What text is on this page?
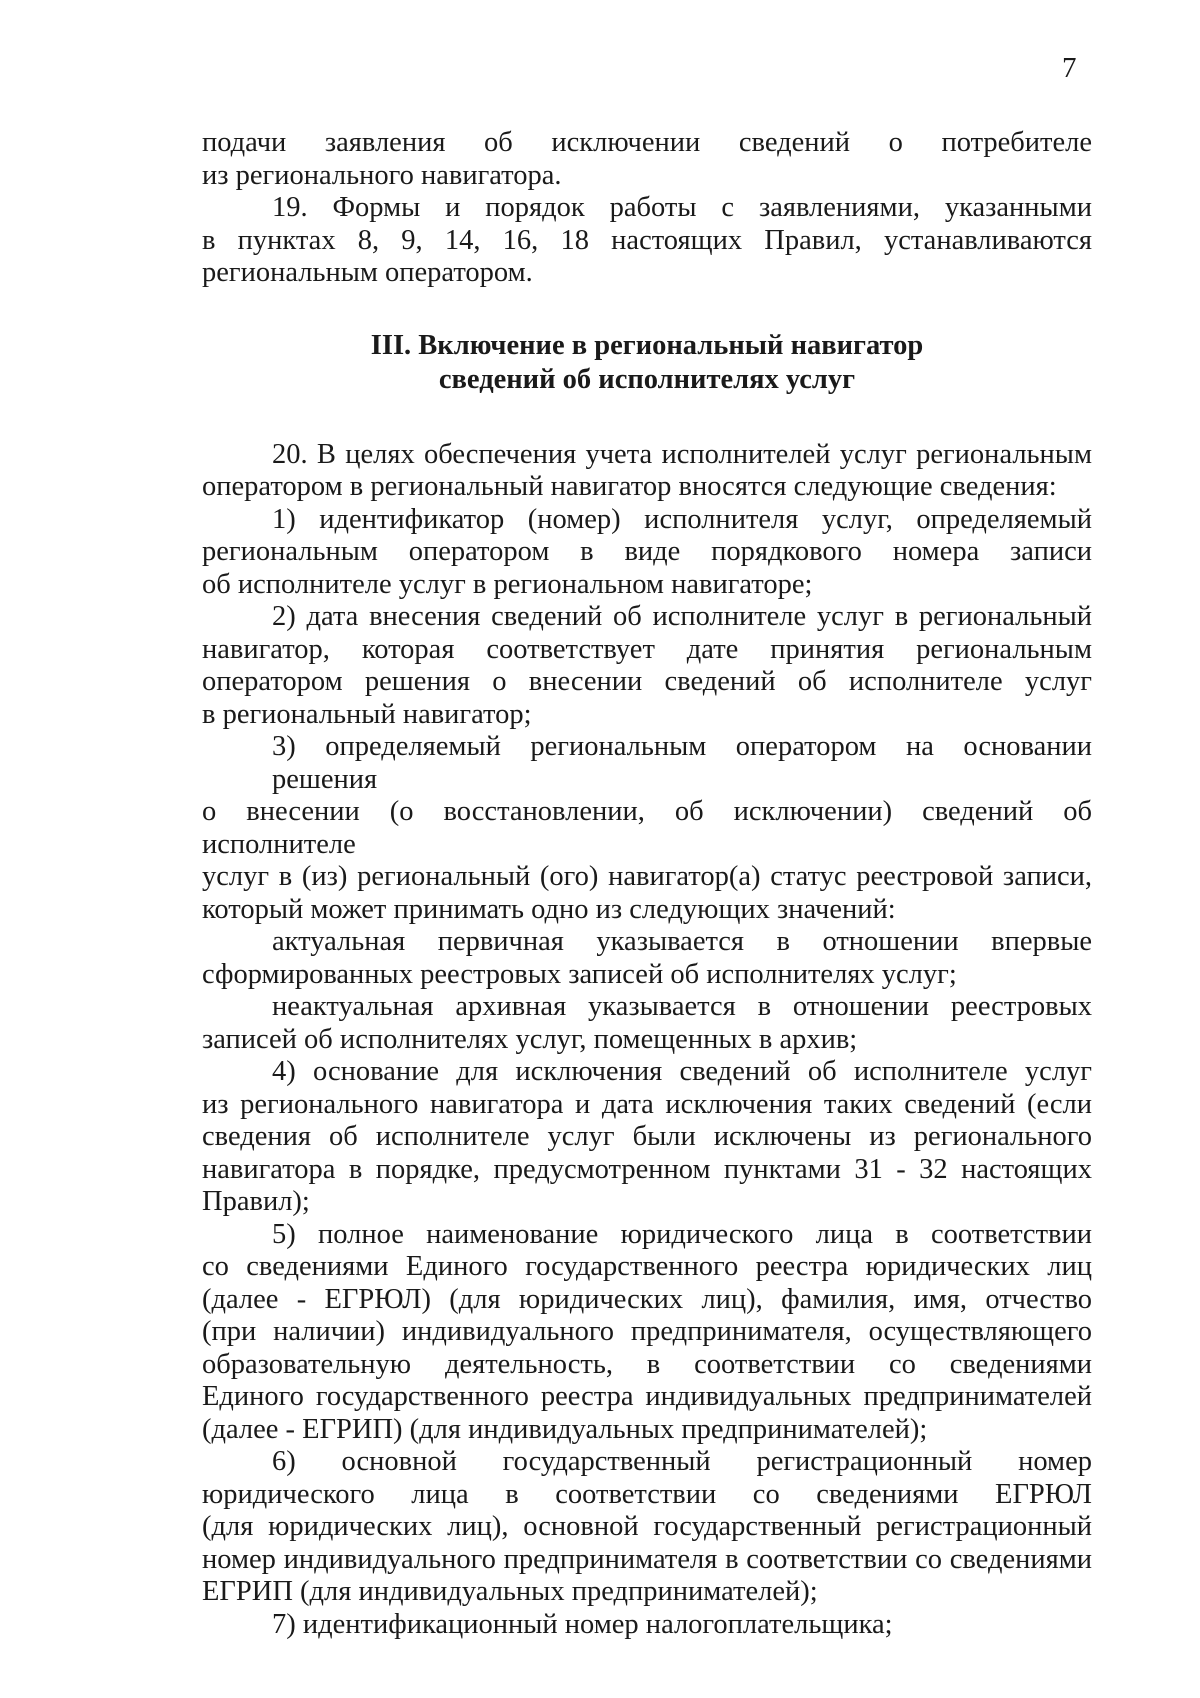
7
подачи заявления об исключении сведений о потребителе
из регионального навигатора.
19. Формы и порядок работы с заявлениями, указанными
в пунктах 8, 9, 14, 16, 18 настоящих Правил, устанавливаются
региональным оператором.
III. Включение в региональный навигатор
сведений об исполнителях услуг
20. В целях обеспечения учета исполнителей услуг региональным
оператором в региональный навигатор вносятся следующие сведения:
1) идентификатор (номер) исполнителя услуг, определяемый
региональным оператором в виде порядкового номера записи
об исполнителе услуг в региональном навигаторе;
2) дата внесения сведений об исполнителе услуг в региональный
навигатор, которая соответствует дате принятия региональным
оператором решения о внесении сведений об исполнителе услуг
в региональный навигатор;
3) определяемый региональным оператором на основании решения
о внесении (о восстановлении, об исключении) сведений об исполнителе
услуг в (из) региональный (ого) навигатор(а) статус реестровой записи,
который может принимать одно из следующих значений:
актуальная первичная указывается в отношении впервые
сформированных реестровых записей об исполнителях услуг;
неактуальная архивная указывается в отношении реестровых
записей об исполнителях услуг, помещенных в архив;
4) основание для исключения сведений об исполнителе услуг
из регионального навигатора и дата исключения таких сведений (если
сведения об исполнителе услуг были исключены из регионального
навигатора в порядке, предусмотренном пунктами 31 - 32 настоящих
Правил);
5) полное наименование юридического лица в соответствии
со сведениями Единого государственного реестра юридических лиц
(далее - ЕГРЮЛ) (для юридических лиц), фамилия, имя, отчество
(при наличии) индивидуального предпринимателя, осуществляющего
образовательную деятельность, в соответствии со сведениями
Единого государственного реестра индивидуальных предпринимателей
(далее - ЕГРИП) (для индивидуальных предпринимателей);
6) основной государственный регистрационный номер
юридического лица в соответствии со сведениями ЕГРЮЛ
(для юридических лиц), основной государственный регистрационный
номер индивидуального предпринимателя в соответствии со сведениями
ЕГРИП (для индивидуальных предпринимателей);
7) идентификационный номер налогоплательщика;
